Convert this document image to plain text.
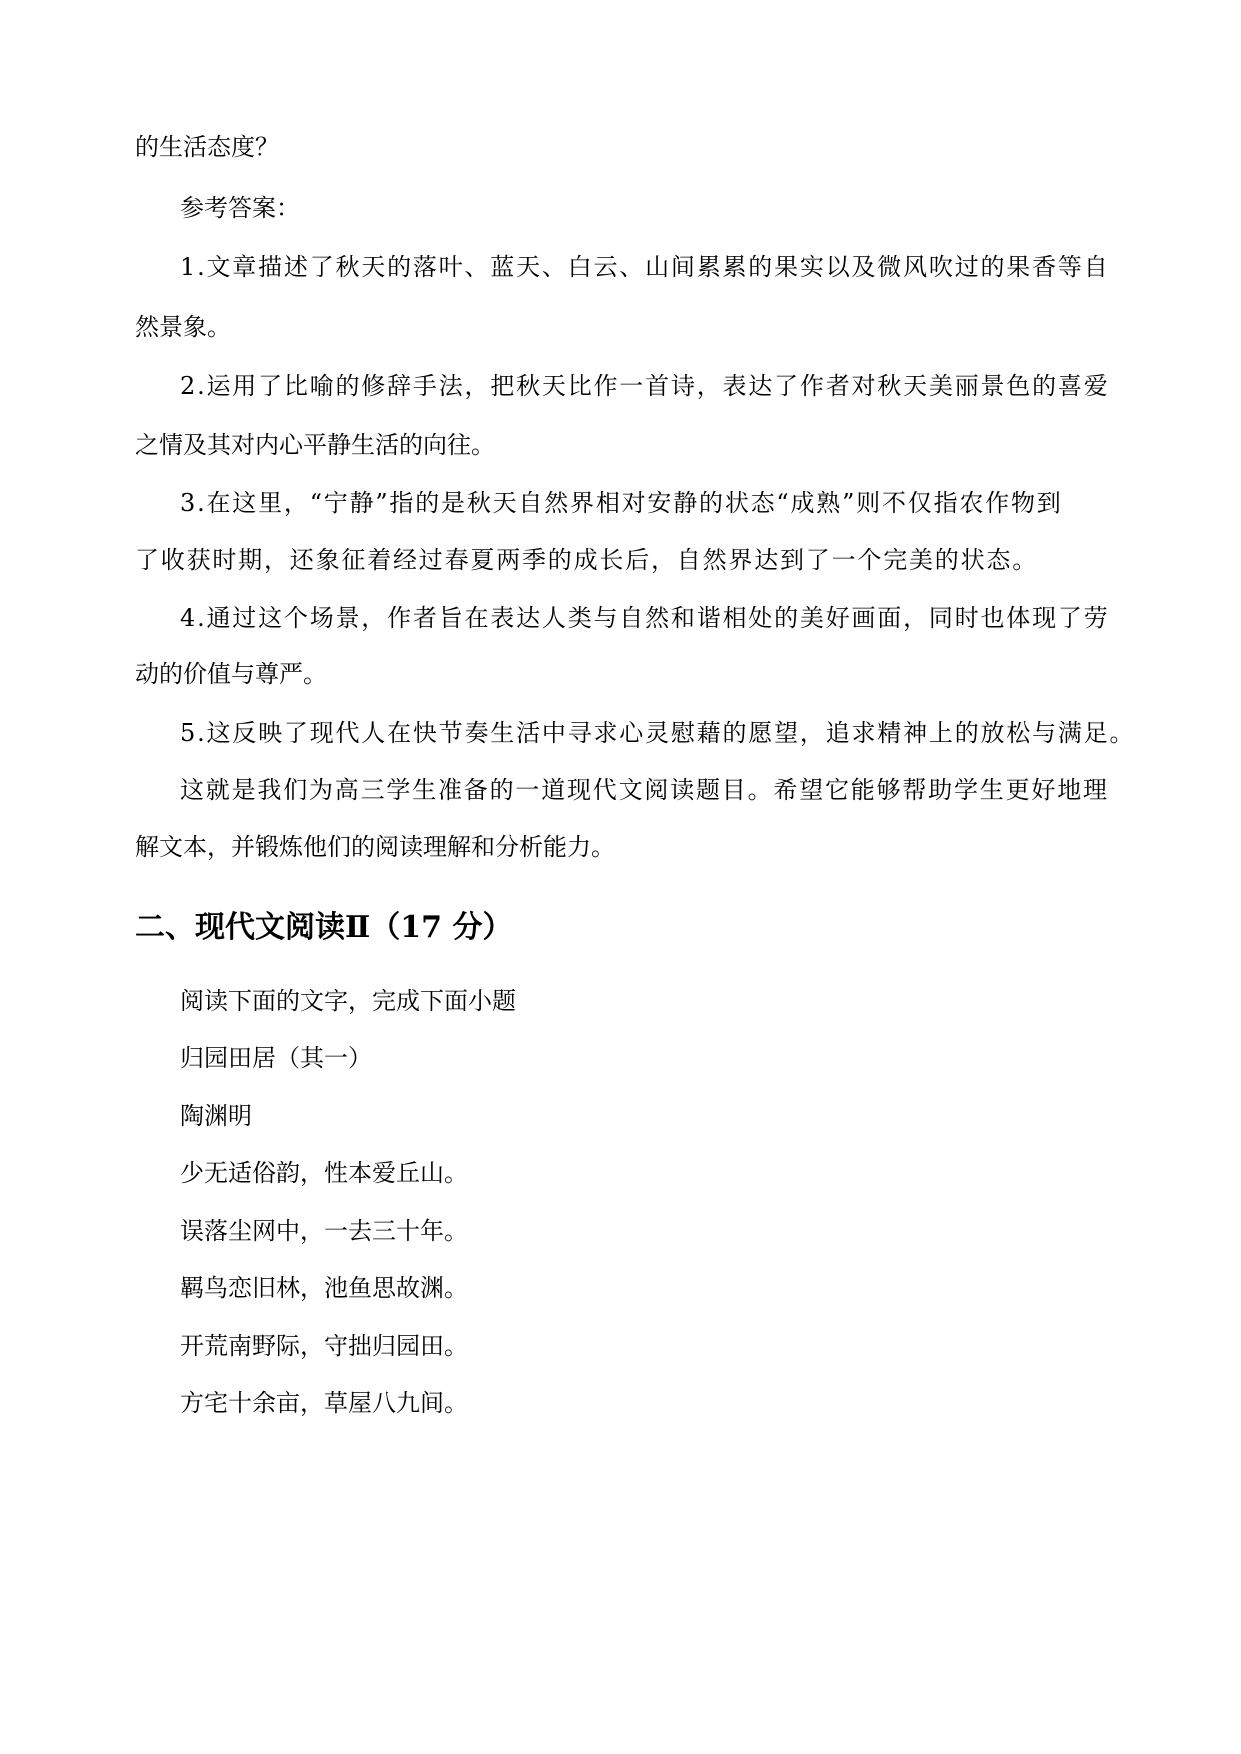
的生活态度？

参考答案：

1.文章描述了秋天的落叶、蓝天、白云、山间累累的果实以及微风吹过的果香等自

然景象。

2.运用了比喻的修辞手法，把秋天比作一首诗，表达了作者对秋天美丽景色的喜爱

之情及其对内心平静生活的向往。

3.在这里，“宁静”指的是秋天自然界相对安静的状态“成熟”则不仅指农作物到

了收获时期，还象征着经过春夏两季的成长后，自然界达到了一个完美的状态。

4.通过这个场景，作者旨在表达人类与自然和谐相处的美好画面，同时也体现了劳

动的价值与尊严。

5.这反映了现代人在快节奏生活中寻求心灵慰藉的愿望，追求精神上的放松与满足。

这就是我们为高三学生准备的一道现代文阅读题目。希望它能够帮助学生更好地理

解文本，并锻炼他们的阅读理解和分析能力。

二、现代文阅读Ⅱ（17 分）

阅读下面的文字，完成下面小题

归园田居（其一）

陶渊明

少无适俗韵，性本爱丘山。

误落尘网中，一去三十年。

羁鸟恋旧林，池鱼思故渊。

开荒南野际，守拙归园田。

方宅十余亩，草屋八九间。
